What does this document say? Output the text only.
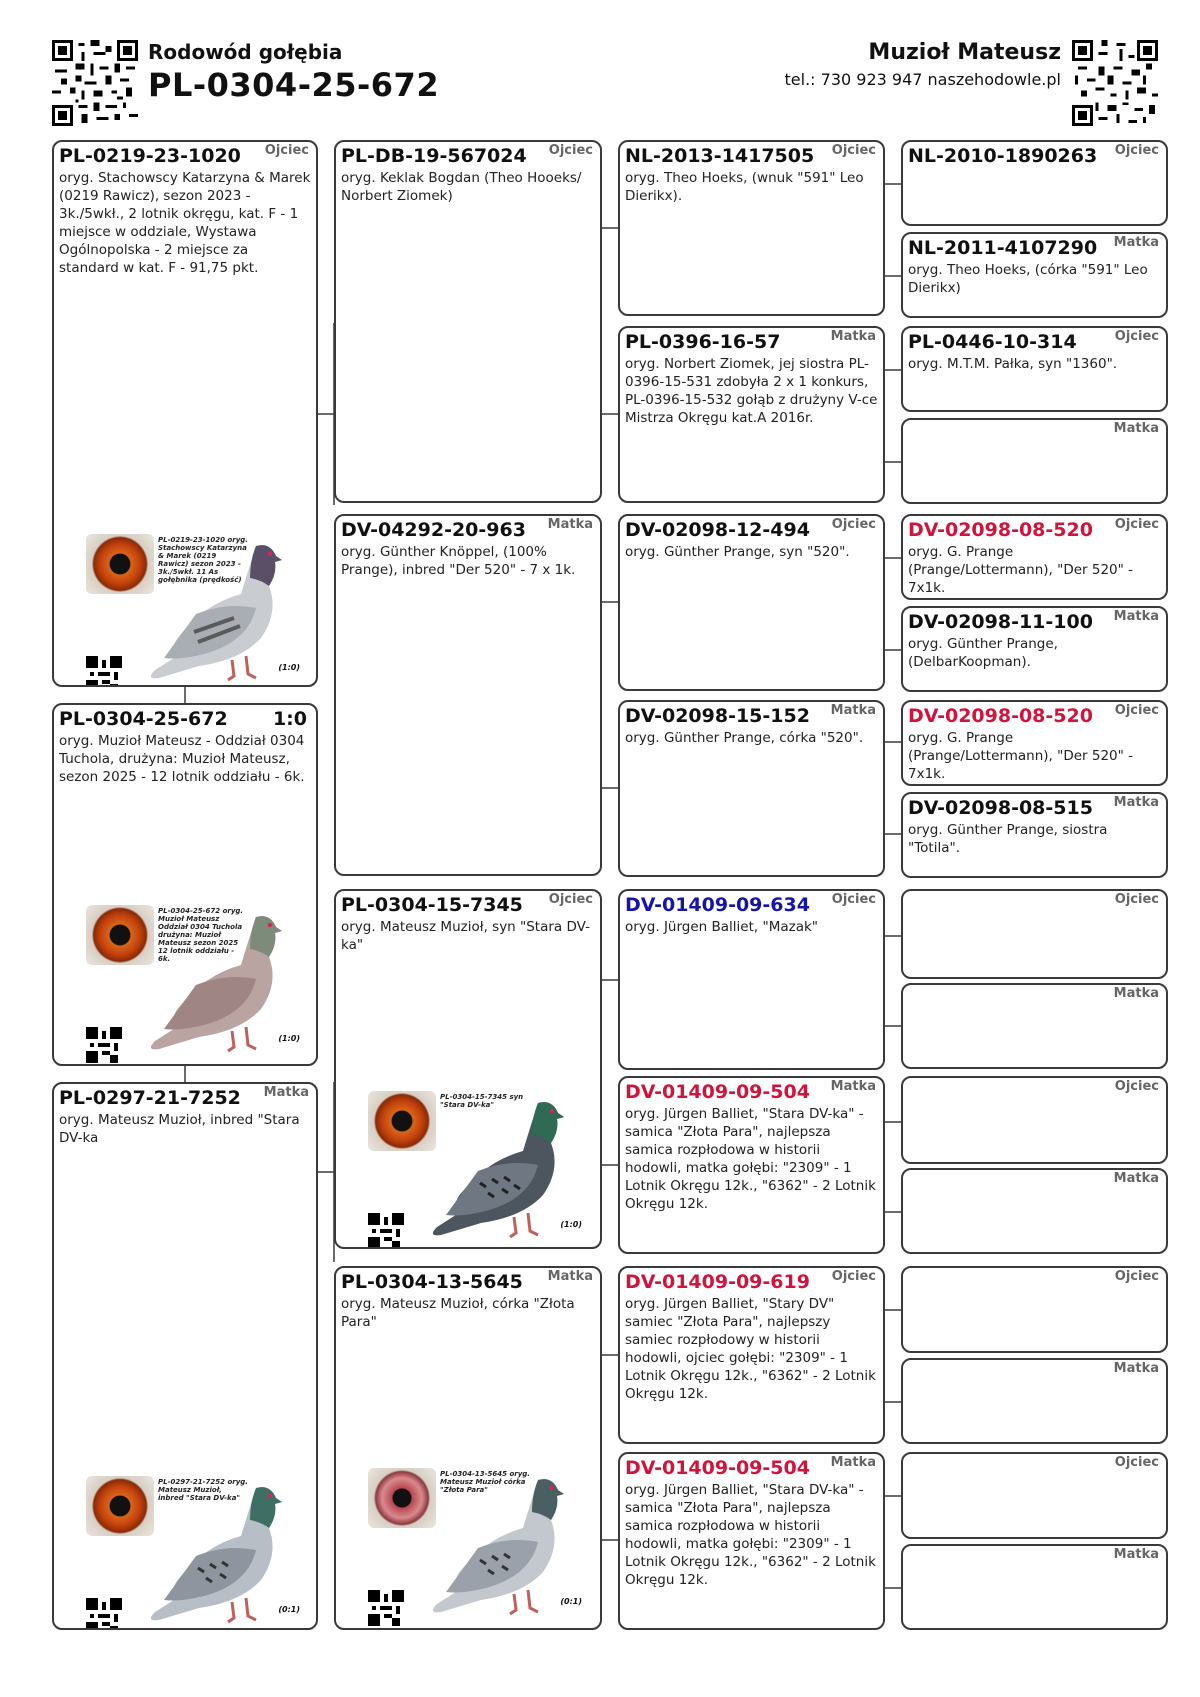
Rodowód gołębia
PL-0304-25-672
Muzioł Mateusz
tel.: 730 923 947 naszehodowle.pl
PL-0219-23-1020 Ojciec
oryg. Stachowscy Katarzyna & Marek (0219 Rawicz), sezon 2023 - 3k./5wkł., 2 lotnik okręgu, kat. F - 1 miejsce w oddziale, Wystawa Ogólnopolska - 2 miejsce za standard w kat. F - 91,75 pkt.
PL-0219-23-1020 oryg. Stachowscy Katarzyna & Marek (0219 Rawicz) sezon 2023 - 3k./5wkł. 11 As gołębnika (prędkość)
(1:0)
PL-0304-25-672 1:0
oryg. Muzioł Mateusz - Oddział 0304 Tuchola, drużyna: Muzioł Mateusz, sezon 2025 - 12 lotnik oddziału - 6k.
PL-0304-25-672 oryg. Muzioł Mateusz Oddział 0304 Tuchola drużyna: Muzioł Mateusz sezon 2025 12 lotnik oddziału - 6k.
(1:0)
PL-0297-21-7252 Matka
oryg. Mateusz Muzioł, inbred "Stara DV-ka
PL-0297-21-7252 oryg. Mateusz Muzioł, inbred "Stara DV-ka"
(0:1)
PL-DB-19-567024 Ojciec
oryg. Keklak Bogdan (Theo Hooeks/ Norbert Ziomek)
DV-04292-20-963 Matka
oryg. Günther Knöppel, (100% Prange), inbred "Der 520" - 7 x 1k.
PL-0304-15-7345 Ojciec
oryg. Mateusz Muzioł, syn "Stara DV-ka"
PL-0304-15-7345 syn "Stara DV-ka"
(1:0)
PL-0304-13-5645 Matka
oryg. Mateusz Muzioł, córka "Złota Para"
PL-0304-13-5645 oryg. Mateusz Muzioł córka "Złota Para"
(0:1)
NL-2013-1417505 Ojciec
oryg. Theo Hoeks, (wnuk "591" Leo Dierikx).
PL-0396-16-57	Matka
oryg. Norbert Ziomek, jej siostra PL-0396-15-531 zdobyła 2 x 1 konkurs, PL-0396-15-532 gołąb z drużyny V-ce Mistrza Okręgu kat.A 2016r.
DV-02098-12-494 Ojciec
oryg. Günther Prange, syn "520".
DV-02098-15-152 Matka
oryg. Günther Prange, córka "520".
DV-01409-09-634 Ojciec
oryg. Jürgen Balliet, "Mazak"
DV-01409-09-504 Matka
oryg. Jürgen Balliet, "Stara DV-ka" - samica "Złota Para", najlepsza samica rozpłodowa w historii hodowli, matka gołębi: "2309" - 1 Lotnik Okręgu 12k., "6362" - 2 Lotnik Okręgu 12k.
DV-01409-09-619 Ojciec
oryg. Jürgen Balliet, "Stary DV" samiec "Złota Para", najlepszy samiec rozpłodowy w historii hodowli, ojciec gołębi: "2309" - 1 Lotnik Okręgu 12k., "6362" - 2 Lotnik Okręgu 12k.
DV-01409-09-504 Matka
oryg. Jürgen Balliet, "Stara DV-ka" - samica "Złota Para", najlepsza samica rozpłodowa w historii hodowli, matka gołębi: "2309" - 1 Lotnik Okręgu 12k., "6362" - 2 Lotnik Okręgu 12k.
NL-2010-1890263 Ojciec
NL-2011-4107290 Matka
oryg. Theo Hoeks, (córka "591" Leo Dierikx)
PL-0446-10-314	Ojciec
oryg. M.T.M. Pałka, syn "1360".
Matka
DV-02098-08-520 Ojciec
oryg. G. Prange (Prange/Lottermann), "Der 520" - 7x1k.
DV-02098-11-100 Matka
oryg. Günther Prange, (DelbarKoopman).
DV-02098-08-520 Ojciec
oryg. G. Prange (Prange/Lottermann), "Der 520" - 7x1k.
DV-02098-08-515 Matka
oryg. Günther Prange, siostra "Totila".
Ojciec
Matka
Ojciec
Matka
Ojciec
Matka
Ojciec
Matka
